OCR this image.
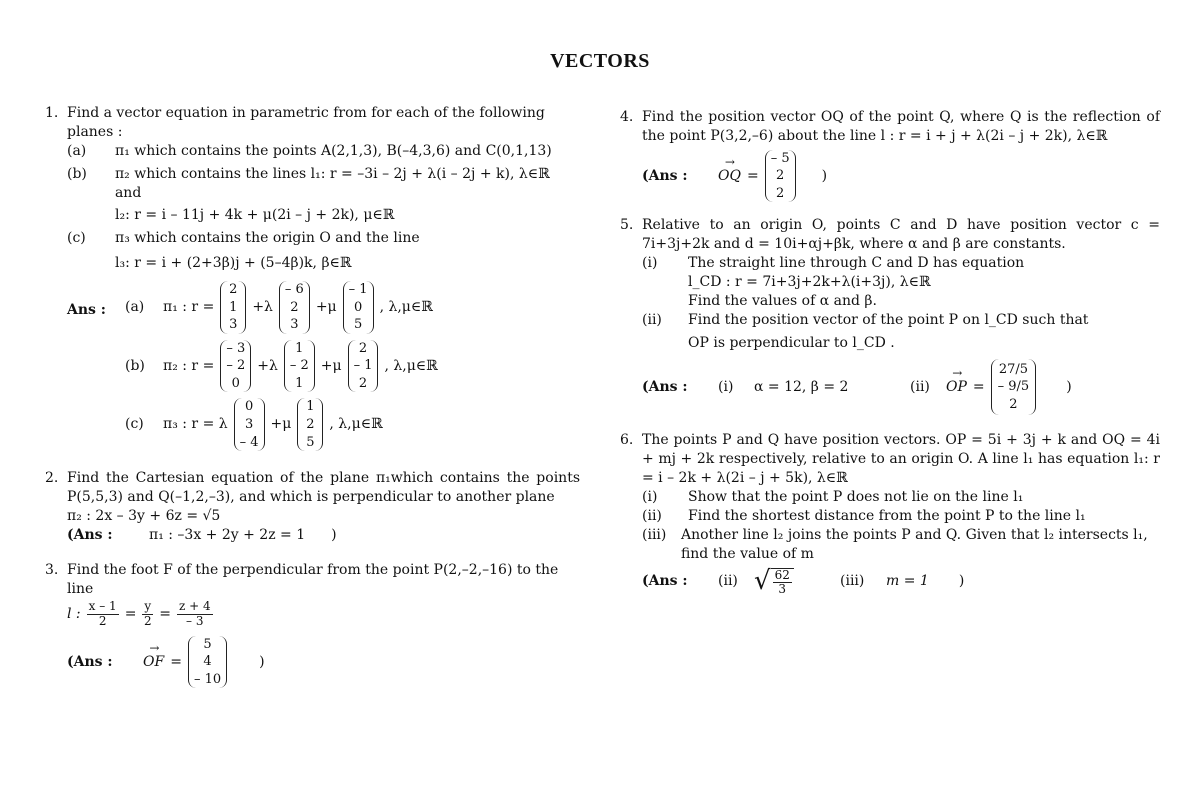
VECTORS
1. Find a vector equation in parametric from for each of the following planes :
(a)	π₁ which contains the points A(2,1,3), B(–4,3,6) and C(0,1,13)
(b)	π₂ which contains the lines l₁: r = –3i – 2j + λ(i – 2j + k), λ∈ℝ and
l₂: r = i – 11j + 4k + μ(2i – j + 2k), μ∈ℝ
(c)	π₃ which contains the origin O and the line
l₃: r = i + (2+3β)j + (5–4β)k, β∈ℝ
Ans :	(a)	π₁ : r =
2
1
3
+λ
– 6
2
3
+μ
– 1
0
5
, λ,μ∈ℝ
(b)	π₂ : r =
– 3
– 2
0
+λ
1
– 2
1
+μ
2
– 1
2
, λ,μ∈ℝ
(c)	π₃ : r = λ
0
3
– 4
+μ
1
2
5
, λ,μ∈ℝ
2. Find the Cartesian equation of the plane π₁which contains the points P(5,5,3) and Q(–1,2,–3), and which is perpendicular to another plane
π₂ : 2x – 3y + 6z = √5
(Ans :	π₁ : –3x + 2y + 2z = 1 )
3. Find the foot F of the perpendicular from the point P(2,–2,–16) to the line
l : $\frac{x - 1}{2} = \frac{y}{2} = \frac{z + 4}{- 3}$
(Ans :	→ OF =
5
4
– 10
)
4. Find the position vector OQ of the point Q, where Q is the reflection of the point P(3,2,–6) about the line l : r = i + j + λ(2i – j + 2k), λ∈ℝ
(Ans :	→ OQ =
– 5
2
2
)
5. Relative to an origin O, points C and D have position vector c = 7i+3j+2k and d = 10i+αj+βk, where α and β are constants.
(i)	The straight line through C and D has equation
l_CD : r = 7i+3j+2k+λ(i+3j), λ∈ℝ
Find the values of α and β.
(ii)	Find the position vector of the point P on l_CD such that
OP is perpendicular to l_CD .
(Ans :	(i)	α = 12, β = 2	(ii)	→ OP =
27/5
– 9/5
2
)
6. The points P and Q have position vectors. OP = 5i + 3j + k and OQ = 4i + mj + 2k respectively, relative to an origin O. A line l₁ has equation l₁: r = i – 2k + λ(2i – j + 5k), λ∈ℝ
(i)	Show that the point P does not lie on the line l₁
(ii)	Find the shortest distance from the point P to the line l₁
(iii) Another line l₂ joins the points P and Q. Given that l₂ intersects l₁, find the value of m
(Ans :	(ii) √ $\frac{62}{3}$	(iii)	m = 1 )
